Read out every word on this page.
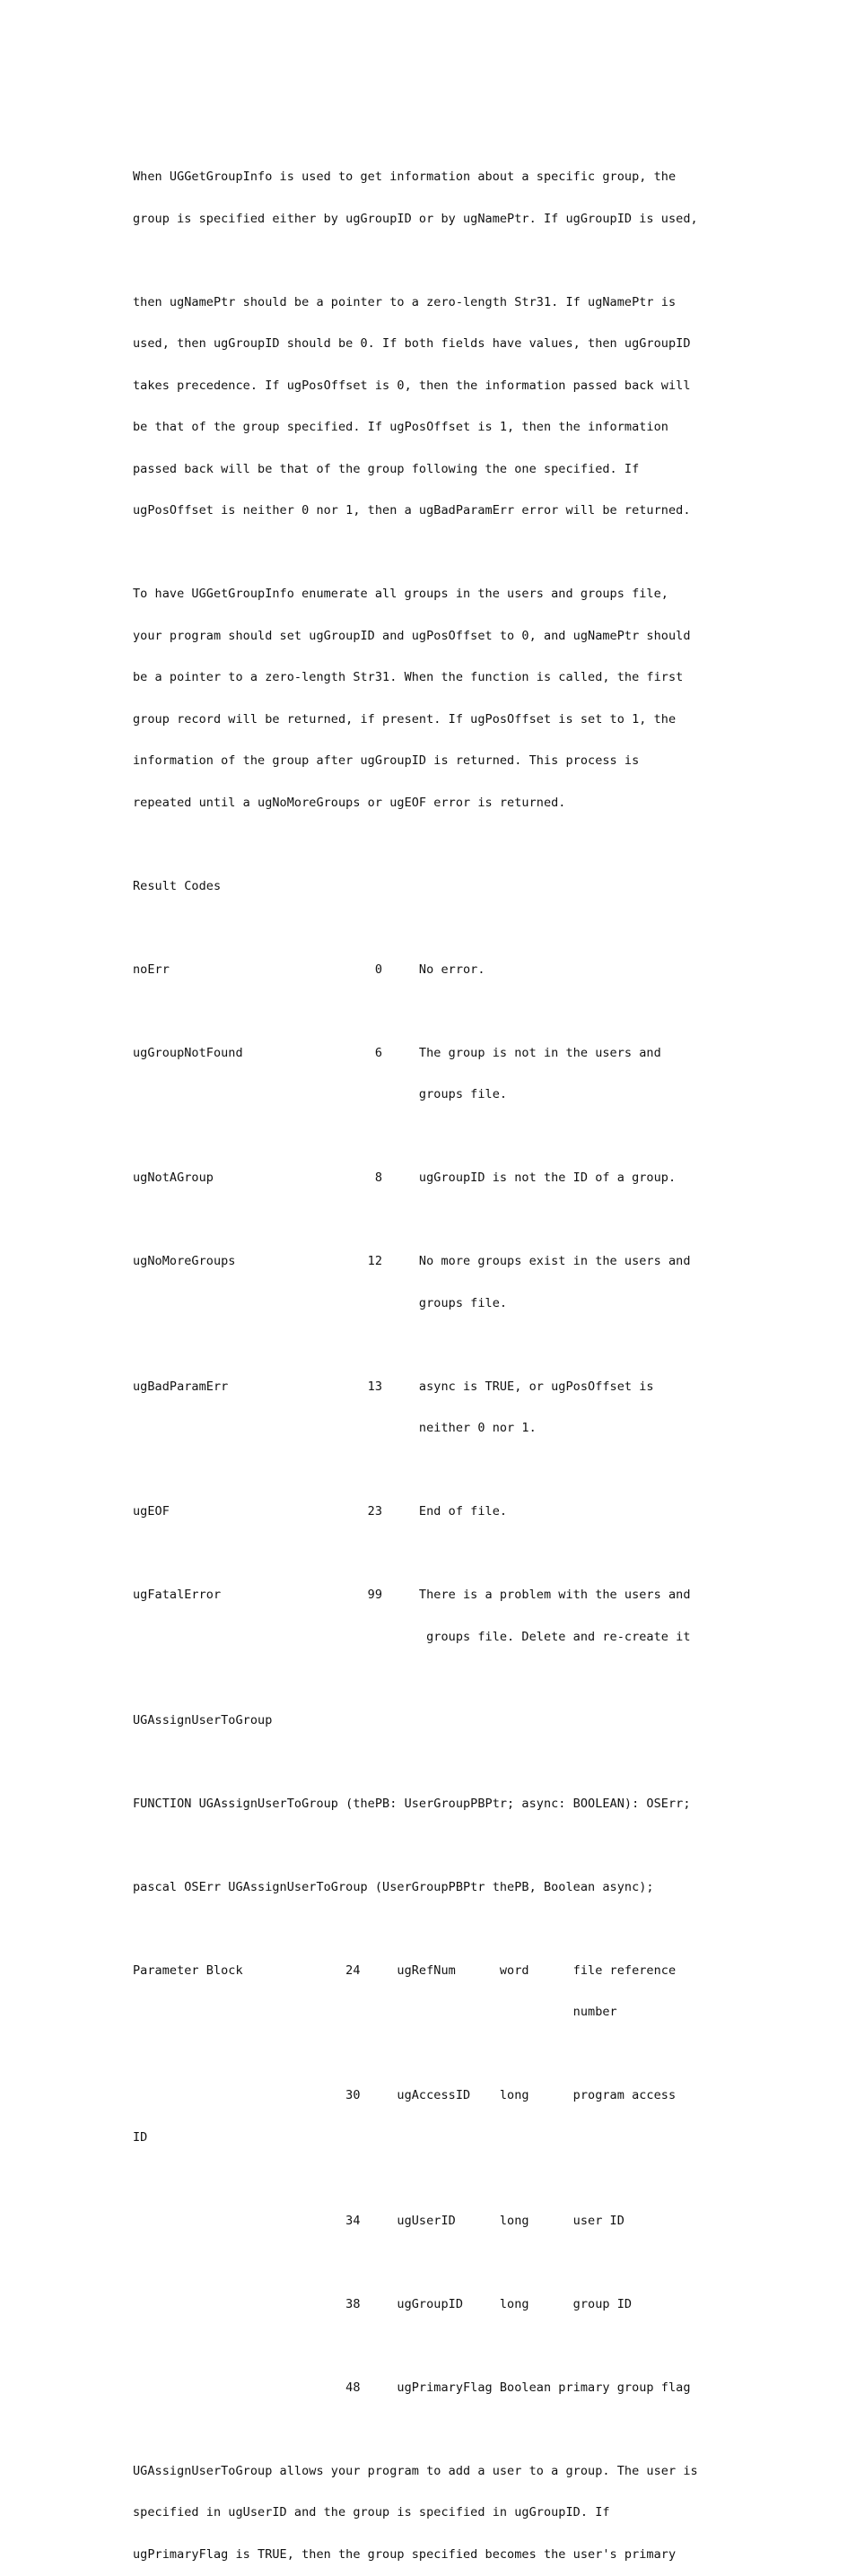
When UGGetGroupInfo is used to get information about a specific group, the

group is specified either by ugGroupID or by ugNamePtr. If ugGroupID is used,

then ugNamePtr should be a pointer to a zero-length Str31. If ugNamePtr is

used, then ugGroupID should be 0. If both fields have values, then ugGroupID

takes precedence. If ugPosOffset is 0, then the information passed back will

be that of the group specified. If ugPosOffset is 1, then the information

passed back will be that of the group following the one specified. If

ugPosOffset is neither 0 nor 1, then a ugBadParamErr error will be returned.

To have UGGetGroupInfo enumerate all groups in the users and groups file,

your program should set ugGroupID and ugPosOffset to 0, and ugNamePtr should

be a pointer to a zero-length Str31. When the function is called, the first

group record will be returned, if present. If ugPosOffset is set to 1, the

information of the group after ugGroupID is returned. This process is

repeated until a ugNoMoreGroups or ugEOF error is returned.

Result Codes

noErr                            0     No error.

ugGroupNotFound                  6     The group is not in the users and

groups file.

ugNotAGroup                      8     ugGroupID is not the ID of a group.

ugNoMoreGroups                  12     No more groups exist in the users and

groups file.

ugBadParamErr                   13     async is TRUE, or ugPosOffset is

neither 0 nor 1.

ugEOF                           23     End of file.

ugFatalError                    99     There is a problem with the users and

groups file. Delete and re-create it

UGAssignUserToGroup

FUNCTION UGAssignUserToGroup (thePB: UserGroupPBPtr; async: BOOLEAN): OSErr;

pascal OSErr UGAssignUserToGroup (UserGroupPBPtr thePB, Boolean async);

Parameter Block              24     ugRefNum      word      file reference

number

30     ugAccessID    long      program access

ID

34     ugUserID      long      user ID

38     ugGroupID     long      group ID

48     ugPrimaryFlag Boolean primary group flag

UGAssignUserToGroup allows your program to add a user to a group. The user is

specified in ugUserID and the group is specified in ugGroupID. If

ugPrimaryFlag is TRUE, then the group specified becomes the user's primary
